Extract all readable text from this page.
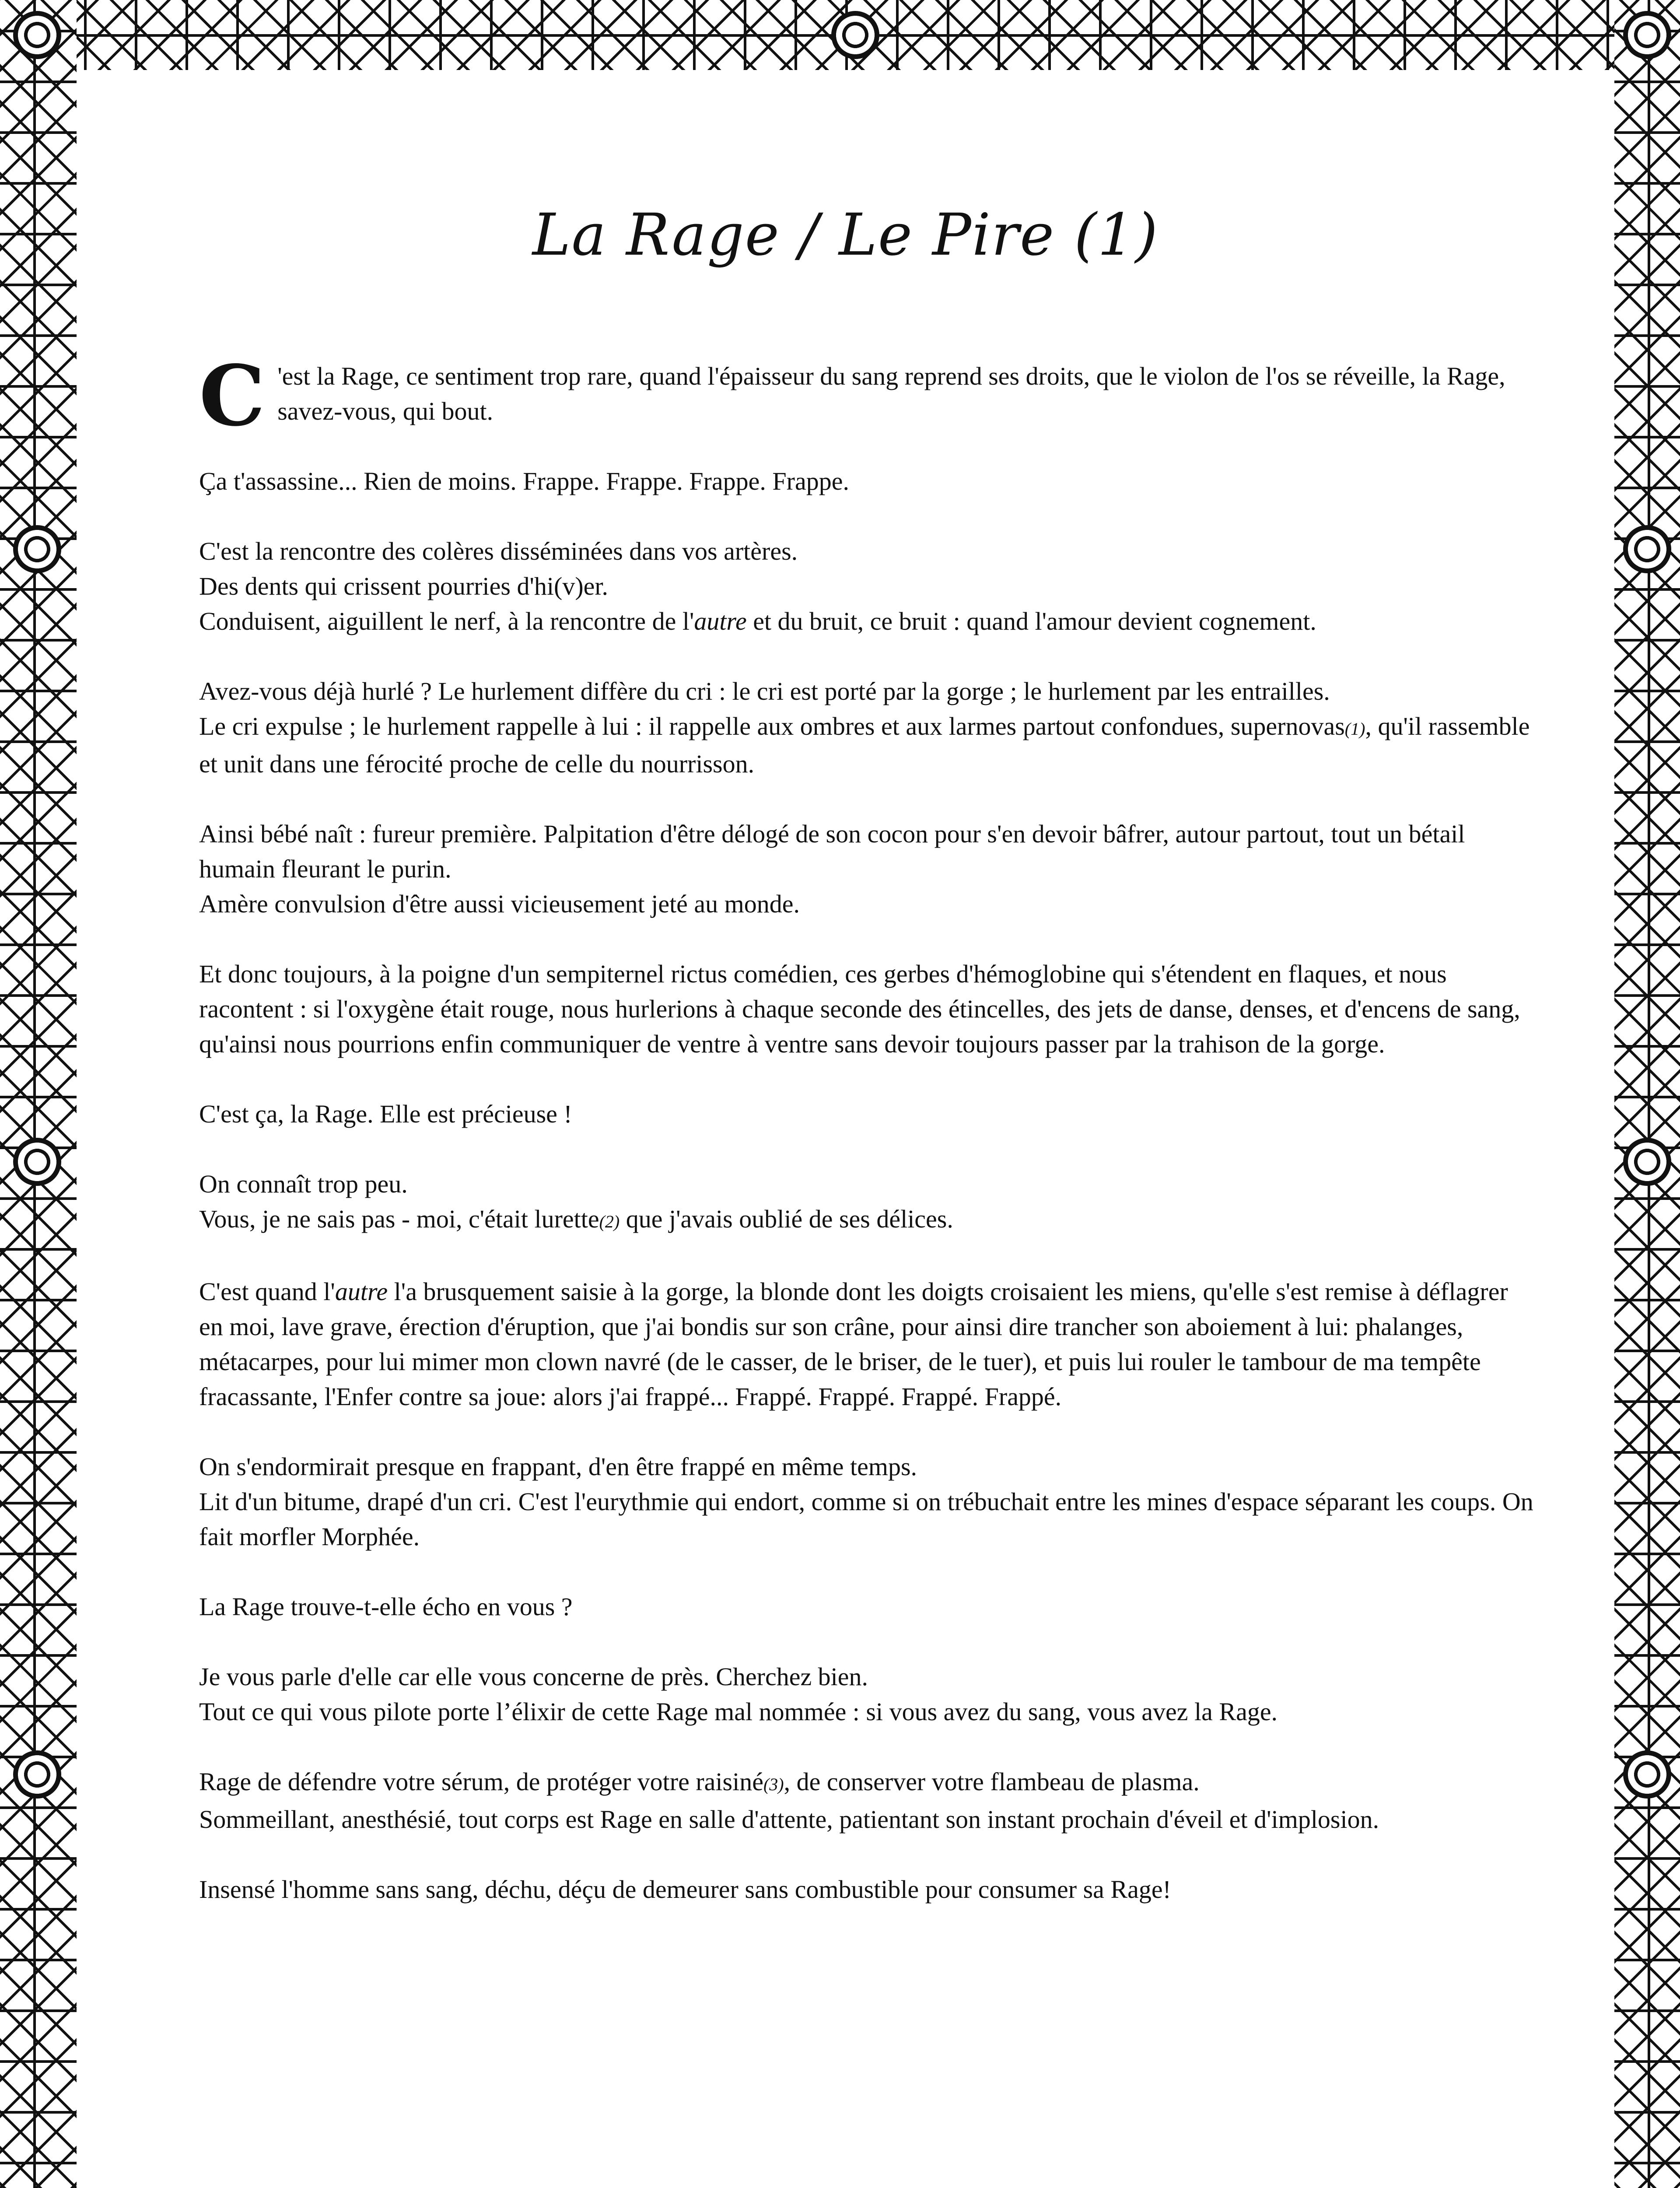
La Rage / Le Pire (1)

C 'est la Rage, ce sentiment trop rare, quand l'épaisseur du sang reprend ses droits, que le violon de l'os se réveille, la Rage, savez-vous, qui bout.

Ça t'assassine... Rien de moins. Frappe. Frappe. Frappe. Frappe.

C'est la rencontre des colères disséminées dans vos artères.
Des dents qui crissent pourries d'hi(v)er.
Conduisent, aiguillent le nerf, à la rencontre de l'autre et du bruit, ce bruit : quand l'amour devient cognement.

Avez-vous déjà hurlé ? Le hurlement diffère du cri : le cri est porté par la gorge ; le hurlement par les entrailles.
Le cri expulse ; le hurlement rappelle à lui : il rappelle aux ombres et aux larmes partout confondues, supernovas(1), qu'il rassemble et unit dans une férocité proche de celle du nourrisson.

Ainsi bébé naît : fureur première. Palpitation d'être délogé de son cocon pour s'en devoir bâfrer, autour partout, tout un bétail humain fleurant le purin.
Amère convulsion d'être aussi vicieusement jeté au monde.

Et donc toujours, à la poigne d'un sempiternel rictus comédien, ces gerbes d'hémoglobine qui s'étendent en flaques, et nous racontent : si l'oxygène était rouge, nous hurlerions à chaque seconde des étincelles, des jets de danse, denses, et d'encens de sang, qu'ainsi nous pourrions enfin communiquer de ventre à ventre sans devoir toujours passer par la trahison de la gorge.

C'est ça, la Rage. Elle est précieuse !

On connaît trop peu.
Vous, je ne sais pas - moi, c'était lurette(2) que j'avais oublié de ses délices.

C'est quand l'autre l'a brusquement saisie à la gorge, la blonde dont les doigts croisaient les miens, qu'elle s'est remise à déflagrer en moi, lave grave, érection d'éruption, que j'ai bondis sur son crâne, pour ainsi dire trancher son aboiement à lui: phalanges, métacarpes, pour lui mimer mon clown navré (de le casser, de le briser, de le tuer), et puis lui rouler le tambour de ma tempête fracassante, l'Enfer contre sa joue: alors j'ai frappé... Frappé. Frappé. Frappé. Frappé.

On s'endormirait presque en frappant, d'en être frappé en même temps.
Lit d'un bitume, drapé d'un cri. C'est l'eurythmie qui endort, comme si on trébuchait entre les mines d'espace séparant les coups. On fait morfler Morphée.

La Rage trouve-t-elle écho en vous ?

Je vous parle d'elle car elle vous concerne de près. Cherchez bien.
Tout ce qui vous pilote porte l’élixir de cette Rage mal nommée : si vous avez du sang, vous avez la Rage.

Rage de défendre votre sérum, de protéger votre raisiné(3), de conserver votre flambeau de plasma.
Sommeillant, anesthésié, tout corps est Rage en salle d'attente, patientant son instant prochain d'éveil et d'implosion.

Insensé l'homme sans sang, déchu, déçu de demeurer sans combustible pour consumer sa Rage!
